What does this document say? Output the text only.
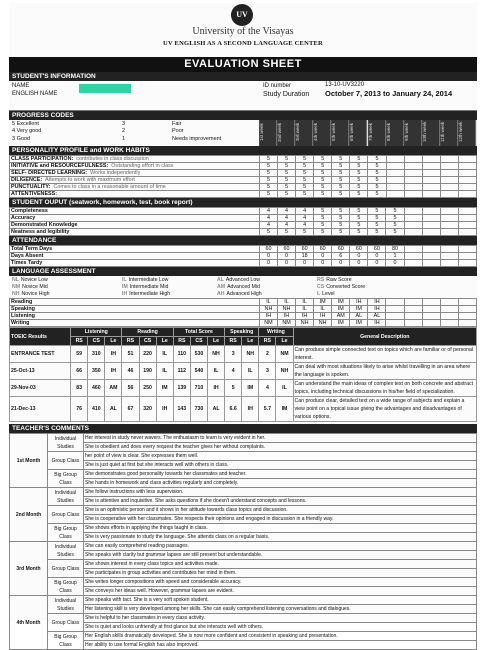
UV
University of the Visayas
UV ENGLISH AS A SECOND LANGUAGE CENTER
EVALUATION SHEET
STUDENT'S INFORMATION
NAME
ENGLISH NAME
ID number	13-10-UV3220
Study Duration October 7, 2013 to January 24, 2014
PROGRESS CODES
5 Excellent	3	Fair
4 Very good	2	Poor
3 Good	1	Needs improvement	1st week	2nd week	3rd week	4th week	5th week	6th week	7th week	8th week	9th week	10th week	11th week	12th week
PERSONALITY PROFILE and WORK HABITS
CLASS PARTICIPATION: contributes in class discussion	5	5	5	5	5	5	5					
INITIATIVE and RESOURCEFULNESS: Outstanding effort in class	5	5	5	5	5	5	5					
SELF- DIRECTED LEARNING: Works independently	5	5	5	5	5	5	5					
DILIGENCE: Attempts to work with maximum effort	5	5	5	5	5	5	5					
PUNCTUALITY: Comes to class in a reasonable amount of time	5	5	5	5	5	5	5					
ATTENTIVENESS:	5	5	5	5	5	5	5					
STUDENT OUPUT (seatwork, homework, test, book report)
Completeness	4	4	4	5	5	5	5	5				
Accuracy	4	4	4	5	5	5	5	5				
Demonstrated Knowledge	4	4	4	5	5	5	5	5				
Neatness and legibility	5	5	5	5	5	5	5	5				
ATTENDANCE
Total Term Days	60	60	60	60	60	60	60	80				
Days Absent	0	0	18	0	6	0	0	1				
Times Tardy	0	0	0	0	0	0	0	0				
LANGUAGE ASSESSMENT
NL Novice Low	IL Intermediate Low	AL Advanced Low	RS Raw Score
NM Novice Mid	IM Intermediate Mid	AM Advanced Mid	CS Converted Score
NH Novice High	IH Intermediate High	AH Advanced High	L Level
Reading	IL	IL	IL	IM	IM	IH	IH					
Speaking	NH	NH	IL	IL	IM	IM	IH					
Listening	IH	IH	IH	IH	AM	AL	AL					
Writing	NM	NM	NH	NH	IM	IM	IH					
TOEIC Results	Listening			Reading			Total Score			Speaking		Writing		General Description
	RS	CS	Le	RS	CS	Le	RS	CS	Le	RS	Le	RS	Le	
ENTRANCE TEST	59	310	IH	51	220	IL	110	530	NH	3	NH	2	NM	Can produce simple connected text on topics which are familiar or of personal interest.
25-Oct-13	66	350	IH	46	190	IL	112	540	IL	4	IL	3	NH	Can deal with most situations likely to arise whilst travelling in an area where the language is spoken.
29-Nov-03	83	460	AM	56	250	IM	139	710	IH	5	IM	4	IL	Can understand the main ideas of complex text on both concrete and abstract topics, including technical discussions in his/her field of specialization.
21-Dec-13	76	410	AL	67	320	IH	143	730	AL	6.6	IH	5.7	IM	Can produce clear, detailed text on a wide range of subjects and explain a view point on a topical issue giving the advantages and disadvantages of various options.
TEACHER'S COMMENTS
1st Month	Individual Studies	Her interest in study never wavers. The enthusiasm to learn is very evident in her.
		She is obedient and does every request the teacher gives her without complaints.
	Group Class	her point of view is clear. She expresses them well.
		She is just quiet at first but she interacts well with others in class.
	Big Group Class	She demonstrates good personality towards her classmates and teacher.
		She hands in homework and class activities regularly and completely.
2nd Month	Individual Studies	She follow instructions with less supervision.
		She is attentive and inquisitive. She asks questions if she doesn't understand concepts and lessons.
	Group Class	She is an optimistic person and it shows in her attitude towards class topics and discussion.
		She is cooperative with her classmates. She respects their opinions and engaged in discussion in a friendly way.
	Big Group Class	She shows efforts in applying the things taught in class.
		She is very passionate to study the language. She attends class on a regular basis.
3rd Month	Individual Studies	She can easily comprehend reading passages.
		She speaks with clarity but grammar lapses are still present but understandable.
	Group Class	She shows interest in every class topics and activities made.
		She participates in group activities and contributes her mind in them.
	Big Group Class	She writes longer compositions with speed and considerable accuracy.
		She conveys her ideas well. However, grammar lapses are evident.
4th Month	Individual Studies	She speaks with tact. She is a very soft spoken student.
		Her listening skill is very developed among her skills. She can easily comprehend listening conversations and dialogues.
	Group Class	She is helpful to her classmates in every class activity.
		She is quiet and looks unfriendly at first glance but she interacts well with others.
	Big Group Class	Her English skills dramatically developed. She is now more confident and consistent in speaking and presentation.
		Her ability to use formal English has also improved.
